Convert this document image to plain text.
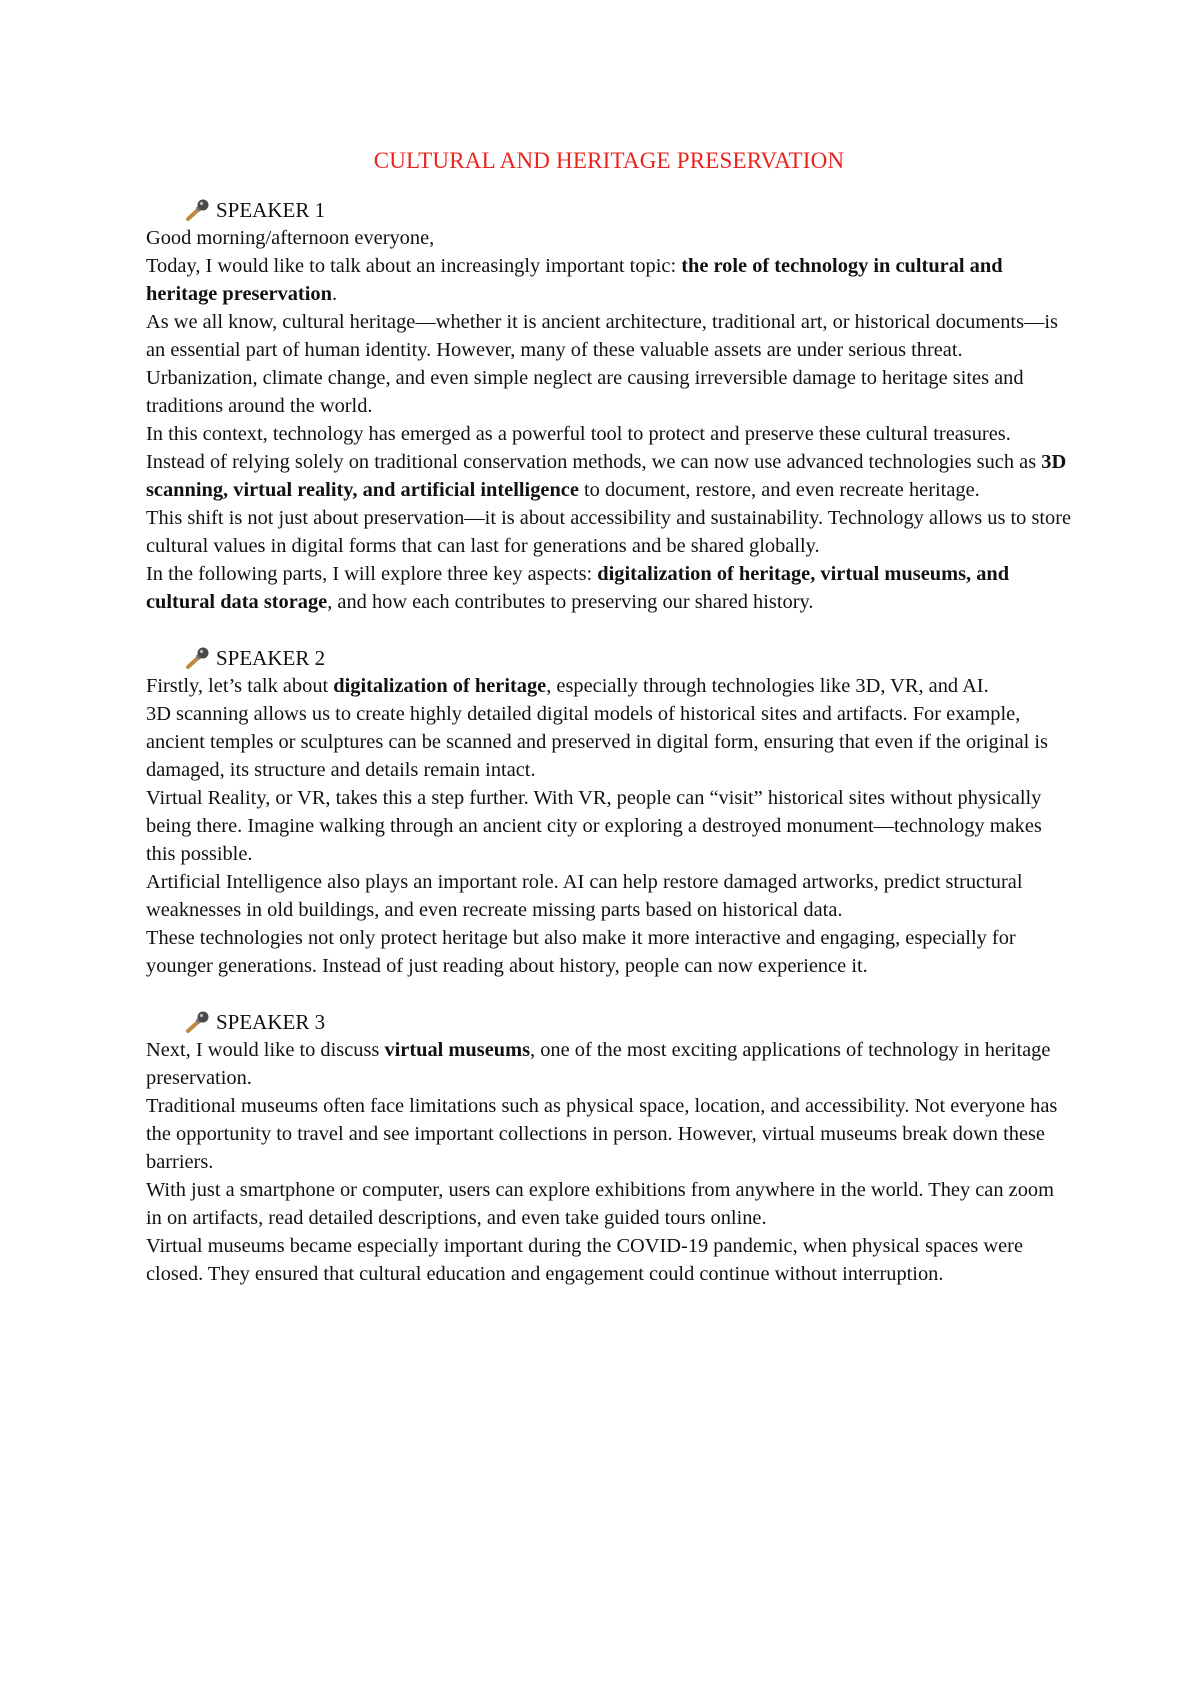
CULTURAL AND HERITAGE PRESERVATION
SPEAKER 1

Good morning/afternoon everyone,

Today, I would like to talk about an increasingly important topic: the role of technology in cultural and heritage preservation.

As we all know, cultural heritage—whether it is ancient architecture, traditional art, or historical documents—is an essential part of human identity. However, many of these valuable assets are under serious threat. Urbanization, climate change, and even simple neglect are causing irreversible damage to heritage sites and traditions around the world.

In this context, technology has emerged as a powerful tool to protect and preserve these cultural treasures. Instead of relying solely on traditional conservation methods, we can now use advanced technologies such as 3D scanning, virtual reality, and artificial intelligence to document, restore, and even recreate heritage.

This shift is not just about preservation—it is about accessibility and sustainability. Technology allows us to store cultural values in digital forms that can last for generations and be shared globally.

In the following parts, I will explore three key aspects: digitalization of heritage, virtual museums, and cultural data storage, and how each contributes to preserving our shared history.

SPEAKER 2

Firstly, let’s talk about digitalization of heritage, especially through technologies like 3D, VR, and AI.

3D scanning allows us to create highly detailed digital models of historical sites and artifacts. For example, ancient temples or sculptures can be scanned and preserved in digital form, ensuring that even if the original is damaged, its structure and details remain intact.

Virtual Reality, or VR, takes this a step further. With VR, people can “visit” historical sites without physically being there. Imagine walking through an ancient city or exploring a destroyed monument—technology makes this possible.

Artificial Intelligence also plays an important role. AI can help restore damaged artworks, predict structural weaknesses in old buildings, and even recreate missing parts based on historical data.

These technologies not only protect heritage but also make it more interactive and engaging, especially for younger generations. Instead of just reading about history, people can now experience it.

SPEAKER 3

Next, I would like to discuss virtual museums, one of the most exciting applications of technology in heritage preservation.

Traditional museums often face limitations such as physical space, location, and accessibility. Not everyone has the opportunity to travel and see important collections in person. However, virtual museums break down these barriers.

With just a smartphone or computer, users can explore exhibitions from anywhere in the world. They can zoom in on artifacts, read detailed descriptions, and even take guided tours online.

Virtual museums became especially important during the COVID-19 pandemic, when physical spaces were closed. They ensured that cultural education and engagement could continue without interruption.
